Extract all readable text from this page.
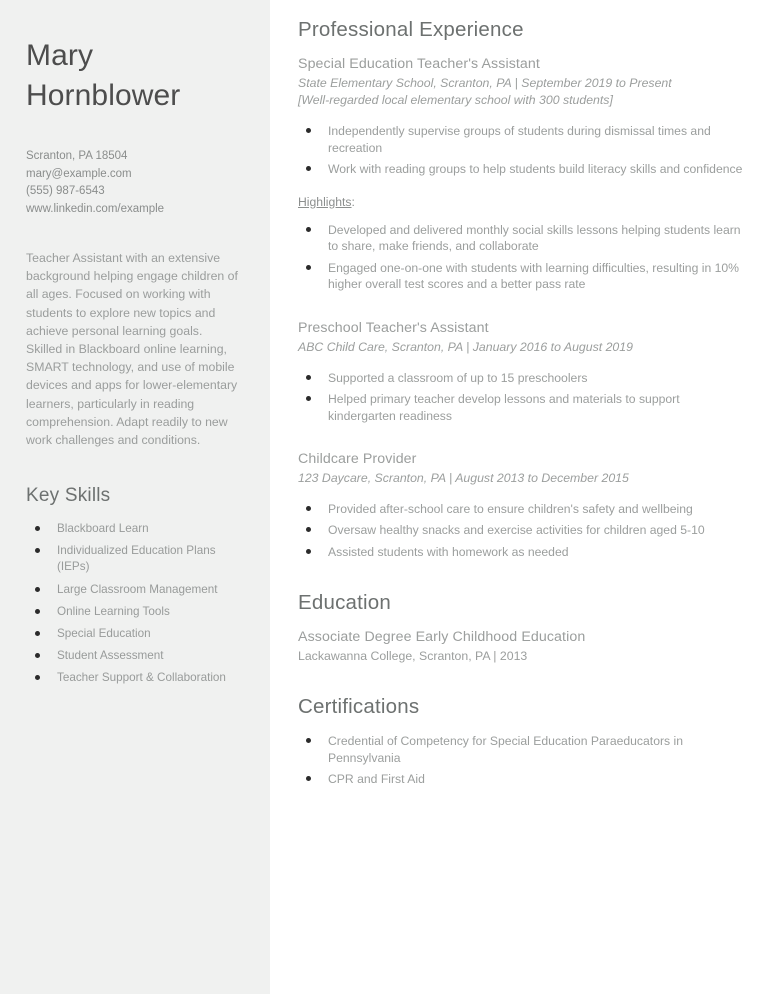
Mary Hornblower
Scranton, PA 18504
mary@example.com
(555) 987-6543
www.linkedin.com/example

Teacher Assistant with an extensive background helping engage children of all ages. Focused on working with students to explore new topics and achieve personal learning goals. Skilled in Blackboard online learning, SMART technology, and use of mobile devices and apps for lower-elementary learners, particularly in reading comprehension. Adapt readily to new work challenges and conditions.

Key Skills
Blackboard Learn
Individualized Education Plans (IEPs)
Large Classroom Management
Online Learning Tools
Special Education
Student Assessment
Teacher Support & Collaboration
Professional Experience
Special Education Teacher's Assistant

State Elementary School, Scranton, PA | September 2019 to Present

[Well-regarded local elementary school with 300 students]

Independently supervise groups of students during dismissal times and recreation
Work with reading groups to help students build literacy skills and confidence
Highlights:
Developed and delivered monthly social skills lessons helping students learn to share, make friends, and collaborate
Engaged one-on-one with students with learning difficulties, resulting in 10% higher overall test scores and a better pass rate
Preschool Teacher's Assistant

ABC Child Care, Scranton, PA | January 2016 to August 2019

Supported a classroom of up to 15 preschoolers
Helped primary teacher develop lessons and materials to support kindergarten readiness
Childcare Provider

123 Daycare, Scranton, PA | August 2013 to December 2015

Provided after-school care to ensure children's safety and wellbeing
Oversaw healthy snacks and exercise activities for children aged 5-10
Assisted students with homework as needed
Education
Associate Degree Early Childhood Education

Lackawanna College, Scranton, PA | 2013

Certifications
Credential of Competency for Special Education Paraeducators in Pennsylvania
CPR and First Aid
